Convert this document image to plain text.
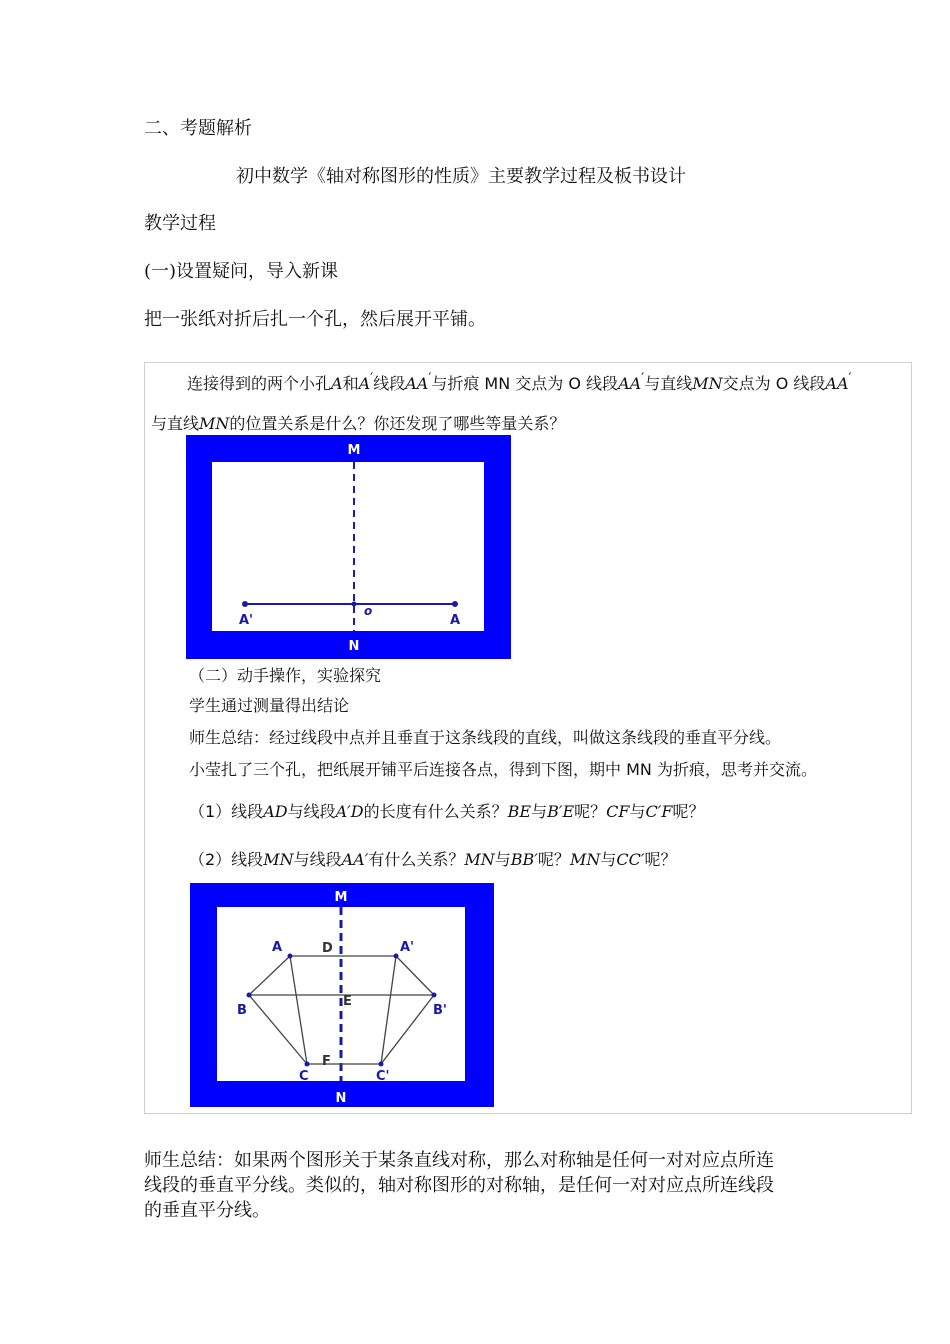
二、考题解析
初中数学《轴对称图形的性质》主要教学过程及板书设计
教学过程
(一)设置疑问，导入新课
把一张纸对折后扎一个孔，然后展开平铺。
连接得到的两个小孔A和A′线段AA′与折痕 MN 交点为 O 线段AA′与直线MN交点为 O 线段AA′
与直线MN的位置关系是什么？你还发现了哪些等量关系？
M
N
o
A'	A
（二）动手操作，实验探究
学生通过测量得出结论
师生总结：经过线段中点并且垂直于这条线段的直线，叫做这条线段的垂直平分线。
小莹扎了三个孔，把纸展开铺平后连接各点，得到下图，期中 MN 为折痕，思考并交流。
（1）线段AD与线段A′D的长度有什么关系？BE与B′E呢？CF与C′F呢？
（2）线段MN与线段AA′有什么关系？MN与BB′呢？MN与CC′呢？
M
N
A	A'
B	B'
C	C'
D
E
F
师生总结：如果两个图形关于某条直线对称，那么对称轴是任何一对对应点所连
线段的垂直平分线。类似的，轴对称图形的对称轴，是任何一对对应点所连线段
的垂直平分线。
